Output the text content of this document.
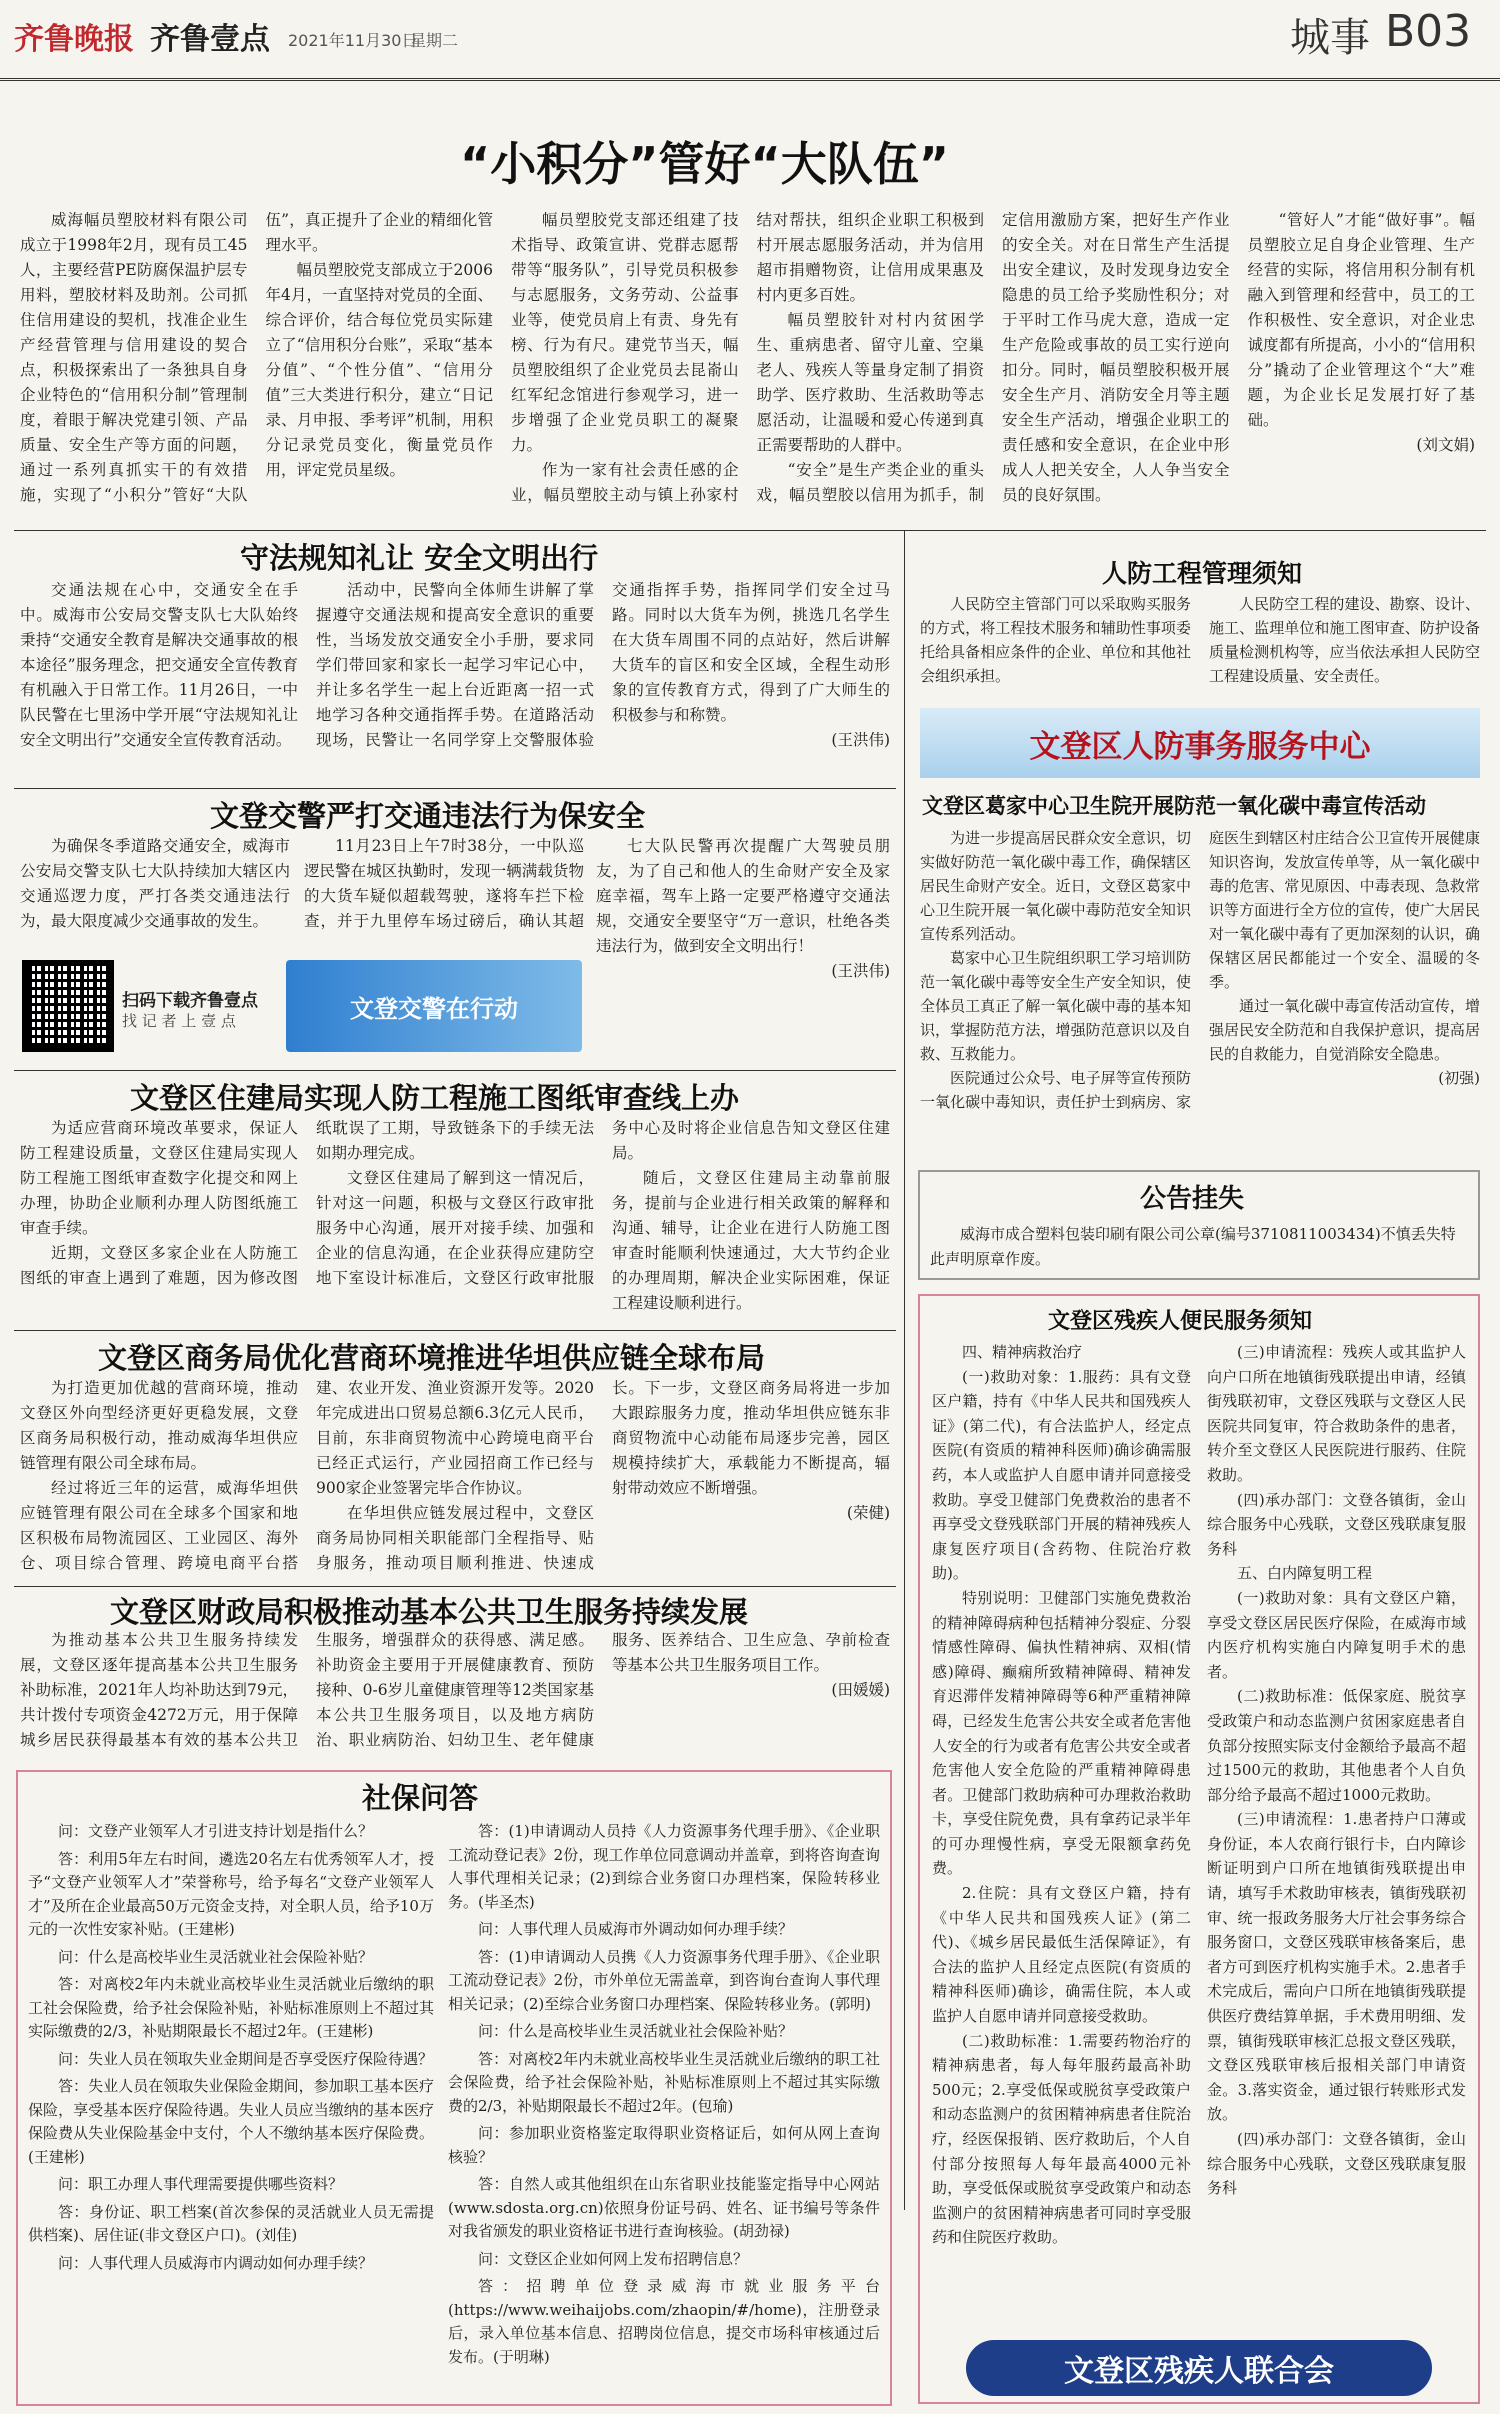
齐鲁晚报 齐鲁壹点 2021年11月30日
星期二	城事 B03
“小积分”管好“大队伍”

威海幅员塑胶材料有限公司成立于1998年2月，现有员工45人，主要经营PE防腐保温护层专用料，塑胶材料及助剂。公司抓住信用建设的契机，找准企业生产经营管理与信用建设的契合点，积极探索出了一条独具自身企业特色的“信用积分制”管理制度，着眼于解决党建引领、产品质量、安全生产等方面的问题，通过一系列真抓实干的有效措施，实现了“小积分”管好“大队伍”，真正提升了企业的精细化管理水平。

幅员塑胶党支部成立于2006年4月，一直坚持对党员的全面、综合评价，结合每位党员实际建立了“信用积分台账”，采取“基本分值”、“个性分值”、“信用分值”三大类进行积分，建立“日记录、月申报、季考评”机制，用积分记录党员变化，衡量党员作用，评定党员星级。

幅员塑胶党支部还组建了技术指导、政策宣讲、党群志愿帮带等“服务队”，引导党员积极参与志愿服务，文务劳动、公益事业等，使党员肩上有责、身先有榜、行为有尺。建党节当天，幅员塑胶组织了企业党员去昆嵛山红军纪念馆进行参观学习，进一步增强了企业党员职工的凝聚力。

作为一家有社会责任感的企业，幅员塑胶主动与镇上孙家村结对帮扶，组织企业职工积极到村开展志愿服务活动，并为信用超市捐赠物资，让信用成果惠及村内更多百姓。

幅员塑胶针对村内贫困学生、重病患者、留守儿童、空巢老人、残疾人等量身定制了捐资助学、医疗救助、生活救助等志愿活动，让温暖和爱心传递到真正需要帮助的人群中。

“安全”是生产类企业的重头戏，幅员塑胶以信用为抓手，制定信用激励方案，把好生产作业的安全关。对在日常生产生活提出安全建议，及时发现身边安全隐患的员工给予奖励性积分；对于平时工作马虎大意，造成一定生产危险或事故的员工实行逆向扣分。同时，幅员塑胶积极开展安全生产月、消防安全月等主题安全生产活动，增强企业职工的责任感和安全意识，在企业中形成人人把关安全，人人争当安全员的良好氛围。

“管好人”才能“做好事”。幅员塑胶立足自身企业管理、生产经营的实际，将信用积分制有机融入到管理和经营中，员工的工作积极性、安全意识，对企业忠诚度都有所提高，小小的“信用积分”撬动了企业管理这个“大”难题，为企业长足发展打好了基础。

(刘文娟)
守法规知礼让 安全文明出行

交通法规在心中，交通安全在手中。威海市公安局交警支队七大队始终秉持“交通安全教育是解决交通事故的根本途径”服务理念，把交通安全宣传教育有机融入于日常工作。11月26日，一中队民警在七里汤中学开展“守法规知礼让 安全文明出行”交通安全宣传教育活动。

活动中，民警向全体师生讲解了掌握遵守交通法规和提高安全意识的重要性，当场发放交通安全小手册，要求同学们带回家和家长一起学习牢记心中，并让多名学生一起上台近距离一招一式地学习各种交通指挥手势。在道路活动现场，民警让一名同学穿上交警服体验交通指挥手势，指挥同学们安全过马路。同时以大货车为例，挑选几名学生在大货车周围不同的点站好，然后讲解大货车的盲区和安全区域，全程生动形象的宣传教育方式，得到了广大师生的积极参与和称赞。

(王洪伟)
文登交警严打交通违法行为保安全

为确保冬季道路交通安全，威海市公安局交警支队七大队持续加大辖区内交通巡逻力度，严打各类交通违法行为，最大限度减少交通事故的发生。

11月23日上午7时38分，一中队巡逻民警在城区执勤时，发现一辆满载货物的大货车疑似超载驾驶，遂将车拦下检查，并于九里停车场过磅后，确认其超

七大队民警再次提醒广大驾驶员朋友，为了自己和他人的生命财产安全及家庭幸福，驾车上路一定要严格遵守交通法规，交通安全要坚守“万一意识，杜绝各类违法行为，做到安全文明出行！

(王洪伟)
扫码下载齐鲁壹点
找 记 者 上 壹 点	文登交警在行动
文登区住建局实现人防工程施工图纸审查线上办

为适应营商环境改革要求，保证人防工程建设质量，文登区住建局实现人防工程施工图纸审查数字化提交和网上办理，协助企业顺利办理人防图纸施工审查手续。

近期，文登区多家企业在人防施工图纸的审查上遇到了难题，因为修改图纸耽误了工期，导致链条下的手续无法如期办理完成。

文登区住建局了解到这一情况后，针对这一问题，积极与文登区行政审批服务中心沟通，展开对接手续、加强和企业的信息沟通，在企业获得应建防空地下室设计标准后，文登区行政审批服务中心及时将企业信息告知文登区住建局。

随后，文登区住建局主动靠前服务，提前与企业进行相关政策的解释和沟通、辅导，让企业在进行人防施工图审查时能顺利快速通过，大大节约企业的办理周期，解决企业实际困难，保证工程建设顺利进行。

文登区商务局优化营商环境推进华坦供应链全球布局

为打造更加优越的营商环境，推动文登区外向型经济更好更稳发展，文登区商务局积极行动，推动威海华坦供应链管理有限公司全球布局。

经过将近三年的运营，威海华坦供应链管理有限公司在全球多个国家和地区积极布局物流园区、工业园区、海外仓、项目综合管理、跨境电商平台搭建、农业开发、渔业资源开发等。2020年完成进出口贸易总额6.3亿元人民币，目前，东非商贸物流中心跨境电商平台已经正式运行，产业园招商工作已经与900家企业签署完毕合作协议。

在华坦供应链发展过程中，文登区商务局协同相关职能部门全程指导、贴身服务，推动项目顺利推进、快速成长。下一步，文登区商务局将进一步加大跟踪服务力度，推动华坦供应链东非商贸物流中心动能布局逐步完善，园区规模持续扩大，承载能力不断提高，辐射带动效应不断增强。

(荣健)
文登区财政局积极推动基本公共卫生服务持续发展

为推动基本公共卫生服务持续发展，文登区逐年提高基本公共卫生服务补助标准，2021年人均补助达到79元，共计拨付专项资金4272万元，用于保障城乡居民获得最基本有效的基本公共卫生服务，增强群众的获得感、满足感。补助资金主要用于开展健康教育、预防接种、0-6岁儿童健康管理等12类国家基本公共卫生服务项目，以及地方病防治、职业病防治、妇幼卫生、老年健康服务、医养结合、卫生应急、孕前检查等基本公共卫生服务项目工作。

(田媛媛)
社保问答

问：文登产业领军人才引进支持计划是指什么？

答：利用5年左右时间，遴选20名左右优秀领军人才，授予“文登产业领军人才”荣誉称号，给予每名“文登产业领军人才”及所在企业最高50万元资金支持，对全职人员，给予10万元的一次性安家补贴。(王建彬)

问：什么是高校毕业生灵活就业社会保险补贴？

答：对离校2年内未就业高校毕业生灵活就业后缴纳的职工社会保险费，给予社会保险补贴，补贴标准原则上不超过其实际缴费的2/3，补贴期限最长不超过2年。(王建彬)

问：失业人员在领取失业金期间是否享受医疗保险待遇？

答：失业人员在领取失业保险金期间，参加职工基本医疗保险，享受基本医疗保险待遇。失业人员应当缴纳的基本医疗保险费从失业保险基金中支付，个人不缴纳基本医疗保险费。(王建彬)

问：职工办理人事代理需要提供哪些资料？

答：身份证、职工档案(首次参保的灵活就业人员无需提供档案)、居住证(非文登区户口)。(刘佳)

问：人事代理人员威海市内调动如何办理手续？

答：(1)申请调动人员持《人力资源事务代理手册》、《企业职工流动登记表》2份，现工作单位同意调动并盖章，到将咨询查询人事代理相关记录；(2)到综合业务窗口办理档案，保险转移业务。(毕圣杰)

问：人事代理人员威海市外调动如何办理手续？

答：(1)申请调动人员携《人力资源事务代理手册》、《企业职工流动登记表》2份，市外单位无需盖章，到咨询台查询人事代理相关记录；(2)至综合业务窗口办理档案、保险转移业务。(郭明)

问：什么是高校毕业生灵活就业社会保险补贴？

答：对离校2年内未就业高校毕业生灵活就业后缴纳的职工社会保险费，给予社会保险补贴，补贴标准原则上不超过其实际缴费的2/3，补贴期限最长不超过2年。(包瑜)

问：参加职业资格鉴定取得职业资格证后，如何从网上查询核验？

答：自然人或其他组织在山东省职业技能鉴定指导中心网站(www.sdosta.org.cn)依照身份证号码、姓名、证书编号等条件对我省颁发的职业资格证书进行查询核验。(胡劲禄)

问：文登区企业如何网上发布招聘信息？

答：招聘单位登录威海市就业服务平台(https://www.weihaijobs.com/zhaopin/#/home)，注册登录后，录入单位基本信息、招聘岗位信息，提交市场科审核通过后发布。(于明琳)

人防工程管理须知

人民防空主管部门可以采取购买服务的方式，将工程技术服务和辅助性事项委托给具备相应条件的企业、单位和其他社会组织承担。

人民防空工程的建设、勘察、设计、施工、监理单位和施工图审查、防护设备质量检测机构等，应当依法承担人民防空工程建设质量、安全责任。

文登区人防事务服务中心
文登区葛家中心卫生院开展防范一氧化碳中毒宣传活动

为进一步提高居民群众安全意识，切实做好防范一氧化碳中毒工作，确保辖区居民生命财产安全。近日，文登区葛家中心卫生院开展一氧化碳中毒防范安全知识宣传系列活动。

葛家中心卫生院组织职工学习培训防范一氧化碳中毒等安全生产安全知识，使全体员工真正了解一氧化碳中毒的基本知识，掌握防范方法，增强防范意识以及自救、互救能力。

医院通过公众号、电子屏等宣传预防一氧化碳中毒知识，责任护士到病房、家庭医生到辖区村庄结合公卫宣传开展健康知识咨询，发放宣传单等，从一氧化碳中毒的危害、常见原因、中毒表现、急救常识等方面进行全方位的宣传，使广大居民对一氧化碳中毒有了更加深刻的认识，确保辖区居民都能过一个安全、温暖的冬季。

通过一氧化碳中毒宣传活动宣传，增强居民安全防范和自我保护意识，提高居民的自救能力，自觉消除安全隐患。

(初强)
公告挂失
威海市成合塑料包装印刷有限公司公章(编号3710811003434)不慎丢失特此声明原章作废。
文登区残疾人便民服务须知

四、精神病救治疗

(一)救助对象：1.服药：具有文登区户籍，持有《中华人民共和国残疾人证》(第二代)，有合法监护人，经定点医院(有资质的精神科医师)确诊确需服药，本人或监护人自愿申请并同意接受救助。享受卫健部门免费救治的患者不再享受文登残联部门开展的精神残疾人康复医疗项目(含药物、住院治疗救助)。

特别说明：卫健部门实施免费救治的精神障碍病种包括精神分裂症、分裂情感性障碍、偏执性精神病、双相(情感)障碍、癫痫所致精神障碍、精神发育迟滞伴发精神障碍等6种严重精神障碍，已经发生危害公共安全或者危害他人安全的行为或者有危害公共安全或者危害他人安全危险的严重精神障碍患者。卫健部门救助病种可办理救治救助卡，享受住院免费，具有拿药记录半年的可办理慢性病，享受无限额拿药免费。

2.住院：具有文登区户籍，持有《中华人民共和国残疾人证》(第二代)、《城乡居民最低生活保障证》，有合法的监护人且经定点医院(有资质的精神科医师)确诊，确需住院，本人或监护人自愿申请并同意接受救助。

(二)救助标准：1.需要药物治疗的精神病患者，每人每年服药最高补助500元；2.享受低保或脱贫享受政策户和动态监测户的贫困精神病患者住院治疗，经医保报销、医疗救助后，个人自付部分按照每人每年最高4000元补助，享受低保或脱贫享受政策户和动态监测户的贫困精神病患者可同时享受服药和住院医疗救助。

(三)申请流程：残疾人或其监护人向户口所在地镇街残联提出申请，经镇街残联初审，文登区残联与文登区人民医院共同复审，符合救助条件的患者，转介至文登区人民医院进行服药、住院救助。

(四)承办部门：文登各镇街，金山综合服务中心残联，文登区残联康复服务科

五、白内障复明工程

(一)救助对象：具有文登区户籍，享受文登区居民医疗保险，在威海市域内医疗机构实施白内障复明手术的患者。

(二)救助标准：低保家庭、脱贫享受政策户和动态监测户贫困家庭患者自负部分按照实际支付金额给予最高不超过1500元的救助，其他患者个人自负部分给予最高不超过1000元救助。

(三)申请流程：1.患者持户口薄或身份证，本人农商行银行卡，白内障诊断证明到户口所在地镇街残联提出申请，填写手术救助审核表，镇街残联初审、统一报政务服务大厅社会事务综合服务窗口，文登区残联审核备案后，患者方可到医疗机构实施手术。2.患者手术完成后，需向户口所在地镇街残联提供医疗费结算单据，手术费用明细、发票，镇街残联审核汇总报文登区残联，文登区残联审核后报相关部门申请资金。3.落实资金，通过银行转账形式发放。

(四)承办部门：文登各镇街，金山综合服务中心残联，文登区残联康复服务科

文登区残疾人联合会
